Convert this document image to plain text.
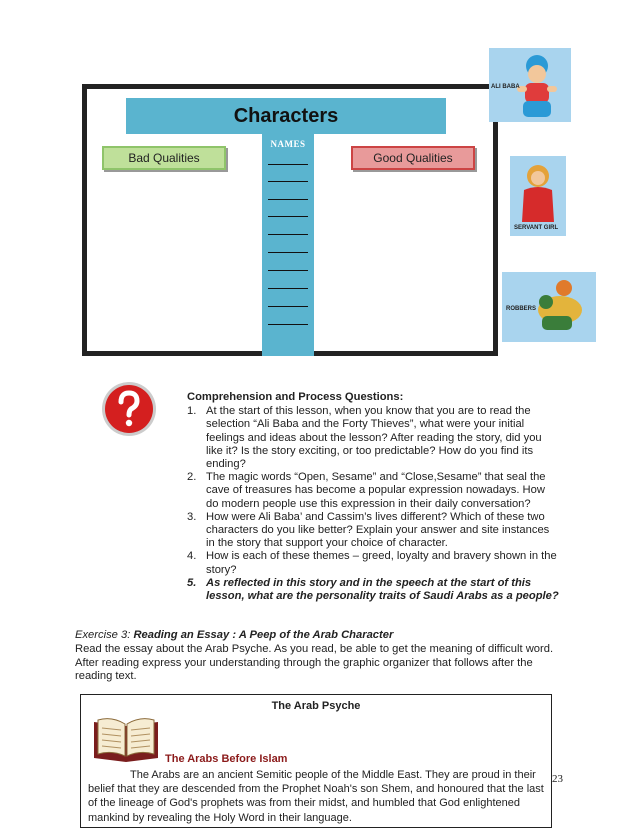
Characters
NAMES
Bad Qualities	Good Qualities
ALI BABA
SERVANT GIRL
ROBBERS
Comprehension and Process Questions:
1. At the start of this lesson, when you know that you are to read the selection “Ali Baba and the Forty Thieves”, what were your initial feelings and ideas about the lesson? After reading the story, did you like it? Is the story exciting, or too predictable? How do you find its ending?
2. The magic words “Open, Sesame” and “Close,Sesame” that seal the cave of treasures has become a popular expression nowadays. How do modern people use this expression in their daily conversation?
3. How were Ali Baba’ and Cassim’s lives different? Which of these two characters do you like better? Explain your answer and site instances in the story that support your choice of character.
4. How is each of these themes – greed, loyalty and bravery shown in the story?
5. As reflected in this story and in the speech at the start of this lesson, what are the personality traits of Saudi Arabs as a people?
Exercise 3: Reading an Essay : A Peep of the Arab Character
Read the essay about the Arab Psyche. As you read, be able to get the meaning of difficult word. After reading express your understanding through the graphic organizer that follows after the reading text.
The Arab Psyche
The Arabs Before Islam
The Arabs are an ancient Semitic people of the Middle East. They are proud in their belief that they are descended from the Prophet Noah's son Shem, and honoured that the last of the lineage of God's prophets was from their midst, and humbled that God enlightened mankind by revealing the Holy Word in their language.
23
